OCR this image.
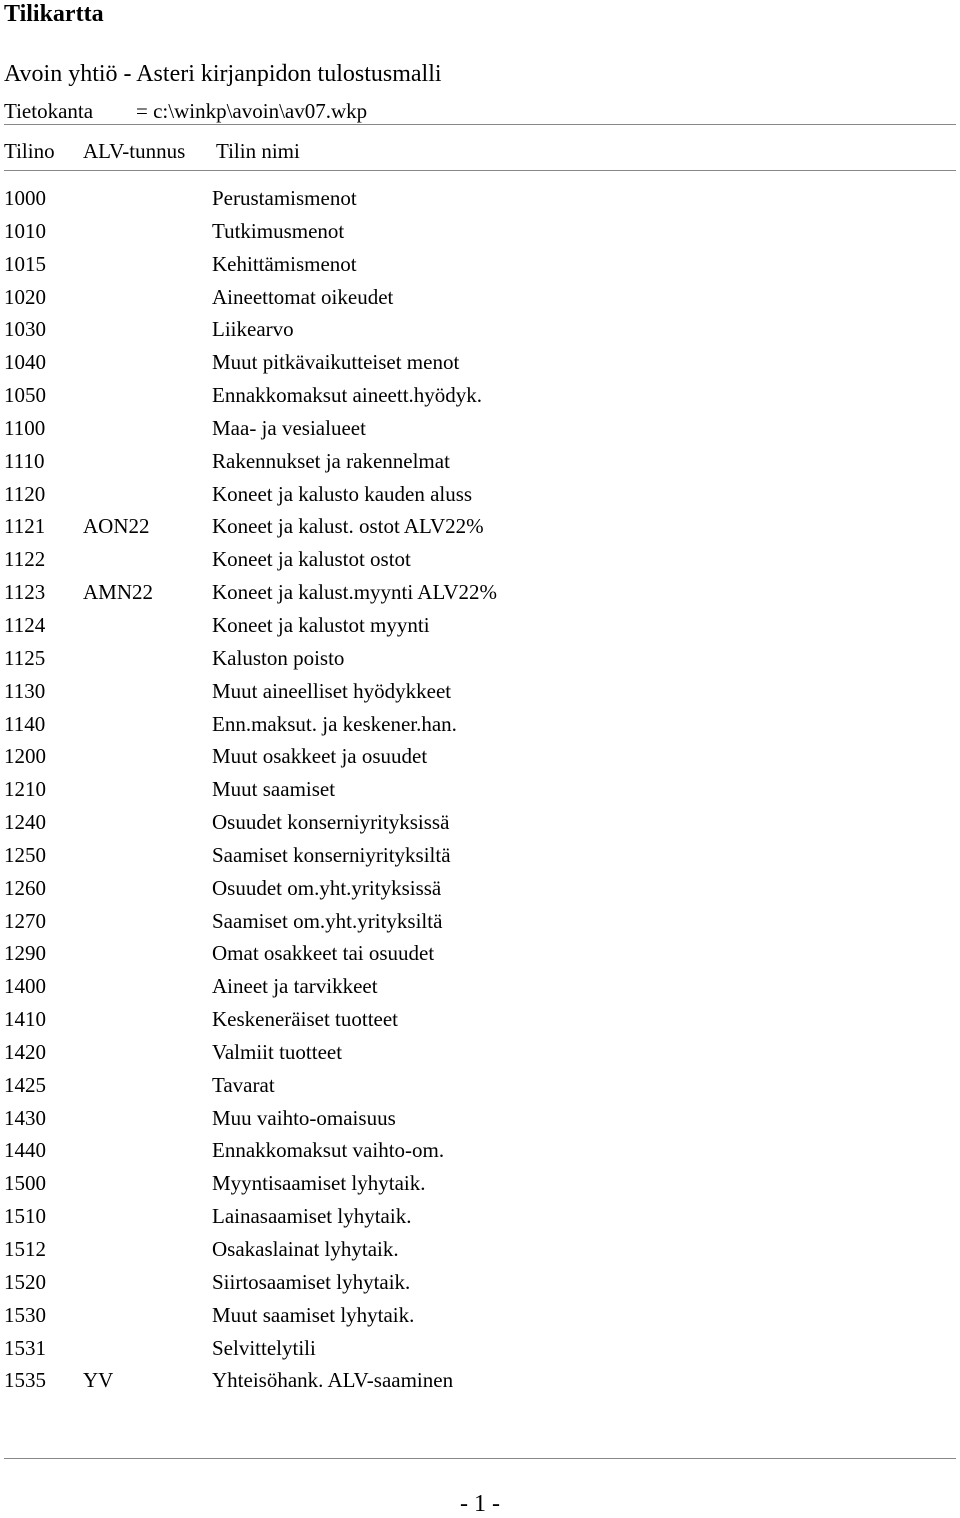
Tilikartta
Avoin yhtiö - Asteri kirjanpidon tulostusmalli
Tietokanta = c:\winkp\avoin\av07.wkp
Tilino ALV-tunnus Tilin nimi
1000	Perustamismenot
1010	Tutkimusmenot
1015	Kehittämismenot
1020	Aineettomat oikeudet
1030	Liikearvo
1040	Muut pitkävaikutteiset menot
1050	Ennakkomaksut aineett.hyödyk.
1100	Maa- ja vesialueet
1110	Rakennukset ja rakennelmat
1120	Koneet ja kalusto kauden aluss
1121 AON22	Koneet ja kalust. ostot ALV22%
1122	Koneet ja kalustot ostot
1123 AMN22	Koneet ja kalust.myynti ALV22%
1124	Koneet ja kalustot myynti
1125	Kaluston poisto
1130	Muut aineelliset hyödykkeet
1140	Enn.maksut. ja keskener.han.
1200	Muut osakkeet ja osuudet
1210	Muut saamiset
1240	Osuudet konserniyrityksissä
1250	Saamiset konserniyrityksiltä
1260	Osuudet om.yht.yrityksissä
1270	Saamiset om.yht.yrityksiltä
1290	Omat osakkeet tai osuudet
1400	Aineet ja tarvikkeet
1410	Keskeneräiset tuotteet
1420	Valmiit tuotteet
1425	Tavarat
1430	Muu vaihto-omaisuus
1440	Ennakkomaksut vaihto-om.
1500	Myyntisaamiset lyhytaik.
1510	Lainasaamiset lyhytaik.
1512	Osakaslainat lyhytaik.
1520	Siirtosaamiset lyhytaik.
1530	Muut saamiset lyhytaik.
1531	Selvittelytili
1535 YV	Yhteisöhank. ALV-saaminen
- 1 -
